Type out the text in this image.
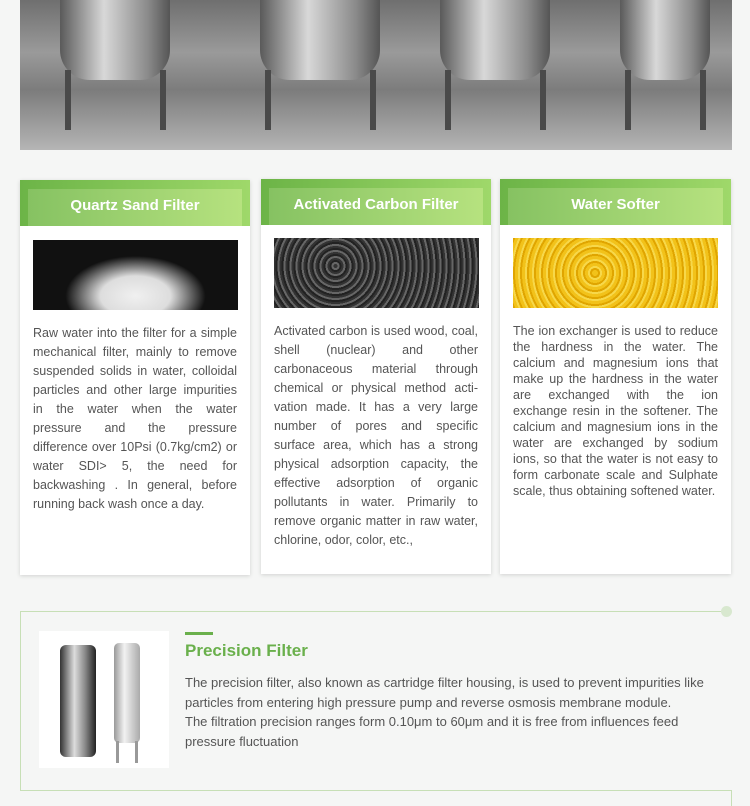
Quartz Sand Filter

Raw water into the filter for a simple mechanical filter, mainly to remove suspended solids in water, colloidal particles and other large impurities in the water when the water pressure and the pressure difference over 10Psi (0.7kg/cm2) or water SDI> 5, the need for backwashing . In general, before running back wash once a day.

Activated Carbon Filter

Activated carbon is used wood, coal, shell (nuclear) and other carbonaceous material through chemical or physical method activation made. It has a very large number of pores and specific surface area, which has a strong physical adsorption capacity, the effective adsorption of organic pollutants in water. Primarily to remove organic matter in raw water, chlorine, odor, color, etc.,

Water Softer

The ion exchanger is used to reduce the hardness in the water. The calcium and magnesium ions that make up the hardness in the water are exchanged with the ion exchange resin in the softener. The calcium and magnesium ions in the water are exchanged by sodium ions, so that the water is not easy to form carbonate scale and Sulphate scale, thus obtaining softened water.

Precision Filter

The precision filter, also known as cartridge filter housing, is used to prevent impurities like particles from entering high pressure pump and reverse osmosis membrane module.

The filtration precision ranges form 0.10μm to 60μm and it is free from influences feed pressure fluctuation
